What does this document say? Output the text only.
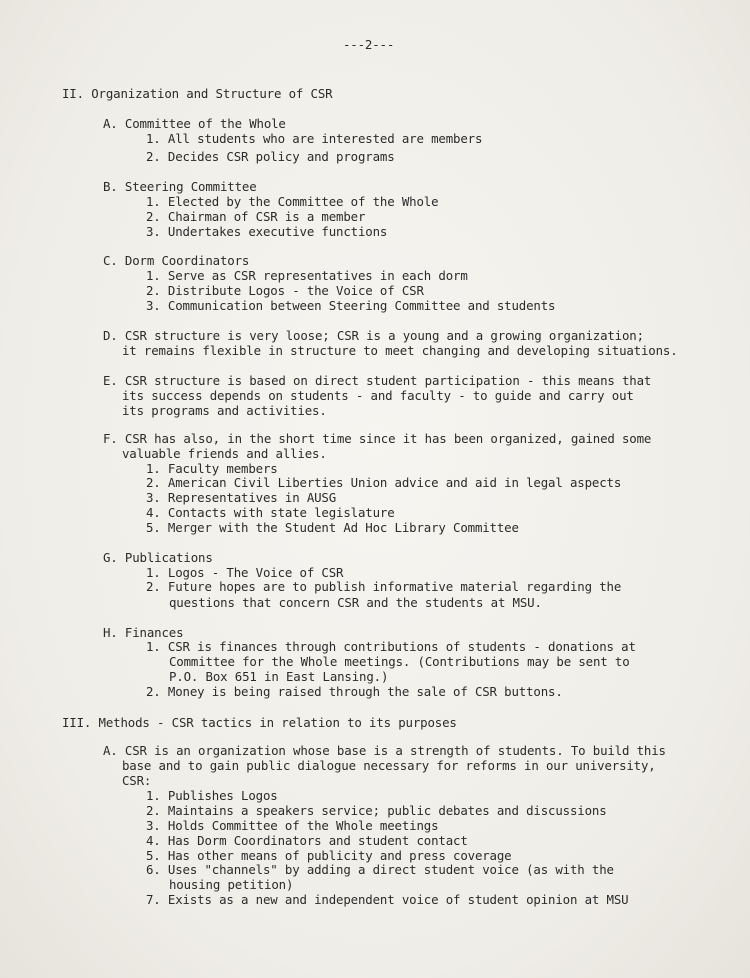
---2---
II. Organization and Structure of CSR
A. Committee of the Whole
1. All students who are interested are members
2. Decides CSR policy and programs
B. Steering Committee
1. Elected by the Committee of the Whole
2. Chairman of CSR is a member
3. Undertakes executive functions
C. Dorm Coordinators
1. Serve as CSR representatives in each dorm
2. Distribute Logos - the Voice of CSR
3. Communication between Steering Committee and students
D. CSR structure is very loose; CSR is a young and a growing organization;
it remains flexible in structure to meet changing and developing situations.
E. CSR structure is based on direct student participation - this means that
its success depends on students - and faculty - to guide and carry out
its programs and activities.
F. CSR has also, in the short time since it has been organized, gained some
valuable friends and allies.
1. Faculty members
2. American Civil Liberties Union advice and aid in legal aspects
3. Representatives in AUSG
4. Contacts with state legislature
5. Merger with the Student Ad Hoc Library Committee
G. Publications
1. Logos - The Voice of CSR
2. Future hopes are to publish informative material regarding the
questions that concern CSR and the students at MSU.
H. Finances
1. CSR is finances through contributions of students - donations at
Committee for the Whole meetings. (Contributions may be sent to
P.O. Box 651 in East Lansing.)
2. Money is being raised through the sale of CSR buttons.
III. Methods - CSR tactics in relation to its purposes
A. CSR is an organization whose base is a strength of students. To build this
base and to gain public dialogue necessary for reforms in our university,
CSR:
1. Publishes Logos
2. Maintains a speakers service; public debates and discussions
3. Holds Committee of the Whole meetings
4. Has Dorm Coordinators and student contact
5. Has other means of publicity and press coverage
6. Uses "channels" by adding a direct student voice (as with the
housing petition)
7. Exists as a new and independent voice of student opinion at MSU
